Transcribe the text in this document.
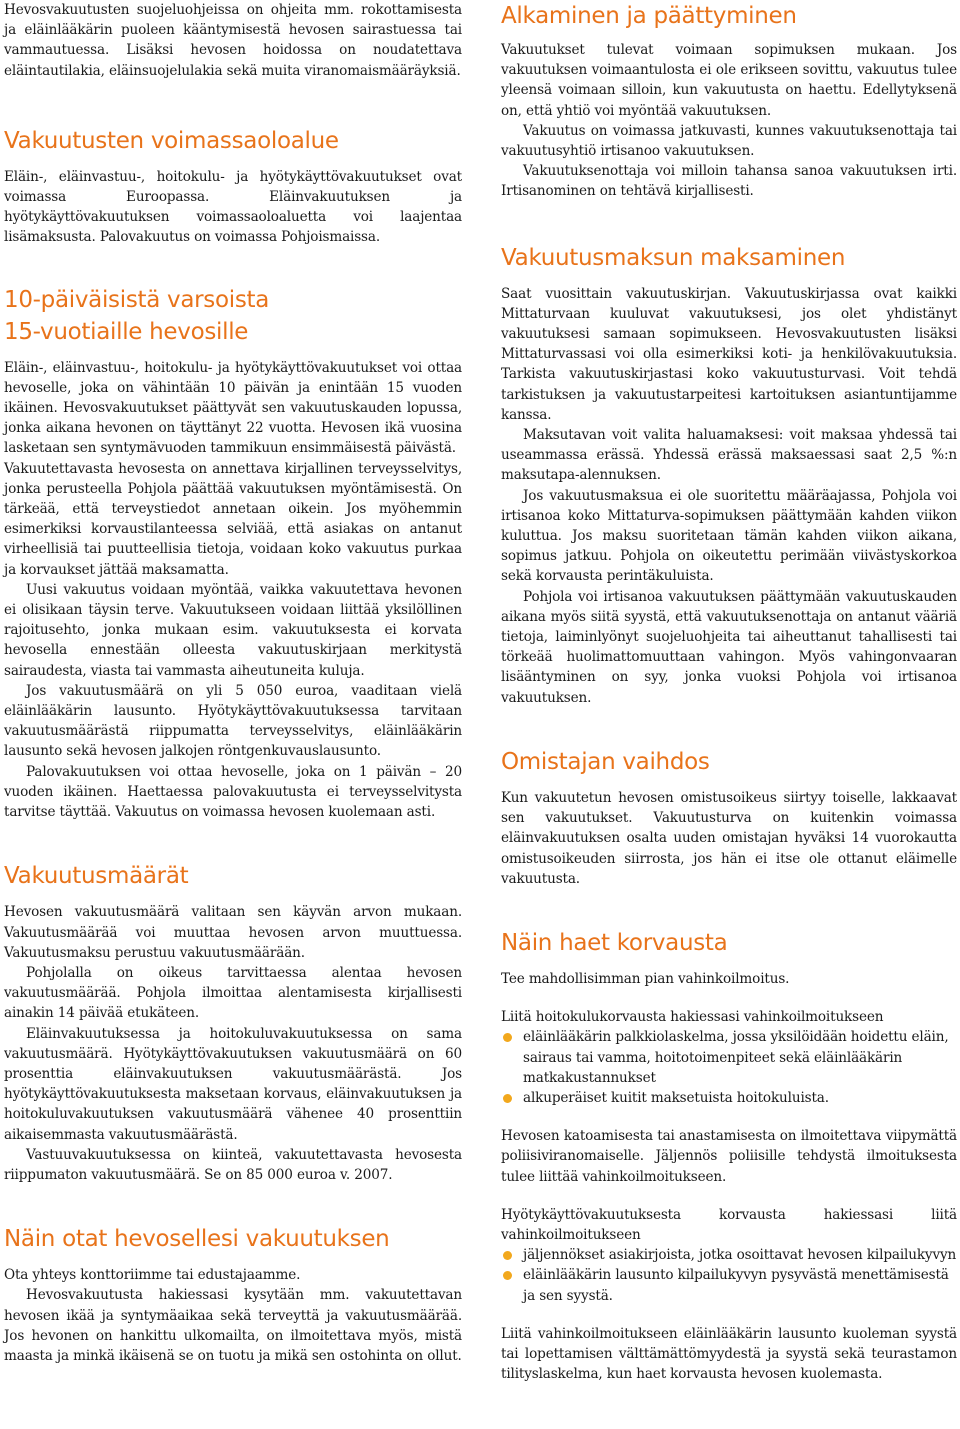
Hevosvakuutusten suojeluohjeissa on ohjeita mm. rokottamisesta ja eläinlääkärin puoleen kääntymisestä hevosen sairastuessa tai vammautuessa. Lisäksi hevosen hoidossa on noudatettava eläintautilakia, eläinsuojelulakia sekä muita viranomaismääräyksiä.

Vakuutusten voimassaoloalue

Eläin-, eläinvastuu-, hoitokulu- ja hyötykäyttövakuutukset ovat voimassa Euroopassa. Eläinvakuutuksen ja hyötykäyttövakuutuksen voimassaoloaluetta voi laajentaa lisämaksusta. Palovakuutus on voimassa Pohjoismaissa.

10-päiväisistä varsoista
15-vuotiaille hevosille

Eläin-, eläinvastuu-, hoitokulu- ja hyötykäyttövakuutukset voi ottaa hevoselle, joka on vähintään 10 päivän ja enintään 15 vuoden ikäinen. Hevosvakuutukset päättyvät sen vakuutuskauden lopussa, jonka aikana hevonen on täyttänyt 22 vuotta. Hevosen ikä vuosina lasketaan sen syntymävuoden tammikuun ensimmäisestä päivästä.

Vakuutettavasta hevosesta on annettava kirjallinen terveysselvitys, jonka perusteella Pohjola päättää vakuutuksen myöntämisestä. On tärkeää, että terveystiedot annetaan oikein. Jos myöhemmin esimerkiksi korvaustilanteessa selviää, että asiakas on antanut virheellisiä tai puutteellisia tietoja, voidaan koko vakuutus purkaa ja korvaukset jättää maksamatta.

Uusi vakuutus voidaan myöntää, vaikka vakuutettava hevonen ei olisikaan täysin terve. Vakuutukseen voidaan liittää yksilöllinen rajoitusehto, jonka mukaan esim. vakuutuksesta ei korvata hevosella ennestään olleesta vakuutuskirjaan merkitystä sairaudesta, viasta tai vammasta aiheutuneita kuluja.

Jos vakuutusmäärä on yli 5 050 euroa, vaaditaan vielä eläinlääkärin lausunto. Hyötykäyttövakuutuksessa tarvitaan vakuutusmäärästä riippumatta terveysselvitys, eläinlääkärin lausunto sekä hevosen jalkojen röntgenkuvauslausunto.

Palovakuutuksen voi ottaa hevoselle, joka on 1 päivän – 20 vuoden ikäinen. Haettaessa palovakuutusta ei terveysselvitysta tarvitse täyttää. Vakuutus on voimassa hevosen kuolemaan asti.

Vakuutusmäärät

Hevosen vakuutusmäärä valitaan sen käyvän arvon mukaan. Vakuutusmäärää voi muuttaa hevosen arvon muuttuessa. Vakuutusmaksu perustuu vakuutusmäärään.

Pohjolalla on oikeus tarvittaessa alentaa hevosen vakuutusmäärää. Pohjola ilmoittaa alentamisesta kirjallisesti ainakin 14 päivää etukäteen.

Eläinvakuutuksessa ja hoitokuluvakuutuksessa on sama vakuutusmäärä. Hyötykäyttövakuutuksen vakuutusmäärä on 60 prosenttia eläinvakuutuksen vakuutusmäärästä. Jos hyötykäyttövakuutuksesta maksetaan korvaus, eläinvakuutuksen ja hoitokuluvakuutuksen vakuutusmäärä vähenee 40 prosenttiin aikaisemmasta vakuutusmäärästä.

Vastuuvakuutuksessa on kiinteä, vakuutettavasta hevosesta riippumaton vakuutusmäärä. Se on 85 000 euroa v. 2007.

Näin otat hevosellesi vakuutuksen

Ota yhteys konttoriimme tai edustajaamme.

Hevosvakuutusta hakiessasi kysytään mm. vakuutettavan hevosen ikää ja syntymäaikaa sekä terveyttä ja vakuutusmäärää. Jos hevonen on hankittu ulkomailta, on ilmoitettava myös, mistä maasta ja minkä ikäisenä se on tuotu ja mikä sen ostohinta on ollut.

Alkaminen ja päättyminen

Vakuutukset tulevat voimaan sopimuksen mukaan. Jos vakuutuksen voimaantulosta ei ole erikseen sovittu, vakuutus tulee yleensä voimaan silloin, kun vakuutusta on haettu. Edellytyksenä on, että yhtiö voi myöntää vakuutuksen.

Vakuutus on voimassa jatkuvasti, kunnes vakuutuksenottaja tai vakuutusyhtiö irtisanoo vakuutuksen.

Vakuutuksenottaja voi milloin tahansa sanoa vakuutuksen irti. Irtisanominen on tehtävä kirjallisesti.

Vakuutusmaksun maksaminen

Saat vuosittain vakuutuskirjan. Vakuutuskirjassa ovat kaikki Mittaturvaan kuuluvat vakuutuksesi, jos olet yhdistänyt vakuutuksesi samaan sopimukseen. Hevosvakuutusten lisäksi Mittaturvassasi voi olla esimerkiksi koti- ja henkilövakuutuksia. Tarkista vakuutuskirjastasi koko vakuutusturvasi. Voit tehdä tarkistuksen ja vakuutustarpeitesi kartoituksen asiantuntijamme kanssa.

Maksutavan voit valita haluamaksesi: voit maksaa yhdessä tai useammassa erässä. Yhdessä erässä maksaessasi saat 2,5 %:n maksutapa-alennuksen.

Jos vakuutusmaksua ei ole suoritettu määräajassa, Pohjola voi irtisanoa koko Mittaturva-sopimuksen päättymään kahden viikon kuluttua. Jos maksu suoritetaan tämän kahden viikon aikana, sopimus jatkuu. Pohjola on oikeutettu perimään viivästyskorkoa sekä korvausta perintäkuluista.

Pohjola voi irtisanoa vakuutuksen päättymään vakuutuskauden aikana myös siitä syystä, että vakuutuksenottaja on antanut vääriä tietoja, laiminlyönyt suojeluohjeita tai aiheuttanut tahallisesti tai törkeää huolimattomuuttaan vahingon. Myös vahingonvaaran lisääntyminen on syy, jonka vuoksi Pohjola voi irtisanoa vakuutuksen.

Omistajan vaihdos

Kun vakuutetun hevosen omistusoikeus siirtyy toiselle, lakkaavat sen vakuutukset. Vakuutusturva on kuitenkin voimassa eläinvakuutuksen osalta uuden omistajan hyväksi 14 vuorokautta omistusoikeuden siirrosta, jos hän ei itse ole ottanut eläimelle vakuutusta.

Näin haet korvausta

Tee mahdollisimman pian vahinkoilmoitus.

Liitä hoitokulukorvausta hakiessasi vahinkoilmoitukseen

eläinlääkärin palkkiolaskelma, jossa yksilöidään hoidettu eläin, sairaus tai vamma, hoitotoimenpiteet sekä eläinlääkärin matkakustannukset
alkuperäiset kuitit maksetuista hoitokuluista.

Hevosen katoamisesta tai anastamisesta on ilmoitettava viipymättä poliisiviranomaiselle. Jäljennös poliisille tehdystä ilmoituksesta tulee liittää vahinkoilmoitukseen.

Hyötykäyttövakuutuksesta korvausta hakiessasi liitä vahinkoilmoitukseen

jäljennökset asiakirjoista, jotka osoittavat hevosen kilpailukyvyn
eläinlääkärin lausunto kilpailukyvyn pysyvästä menettämisestä ja sen syystä.

Liitä vahinkoilmoitukseen eläinlääkärin lausunto kuoleman syystä tai lopettamisen välttämättömyydestä ja syystä sekä teurastamon tilityslaskelma, kun haet korvausta hevosen kuolemasta.
